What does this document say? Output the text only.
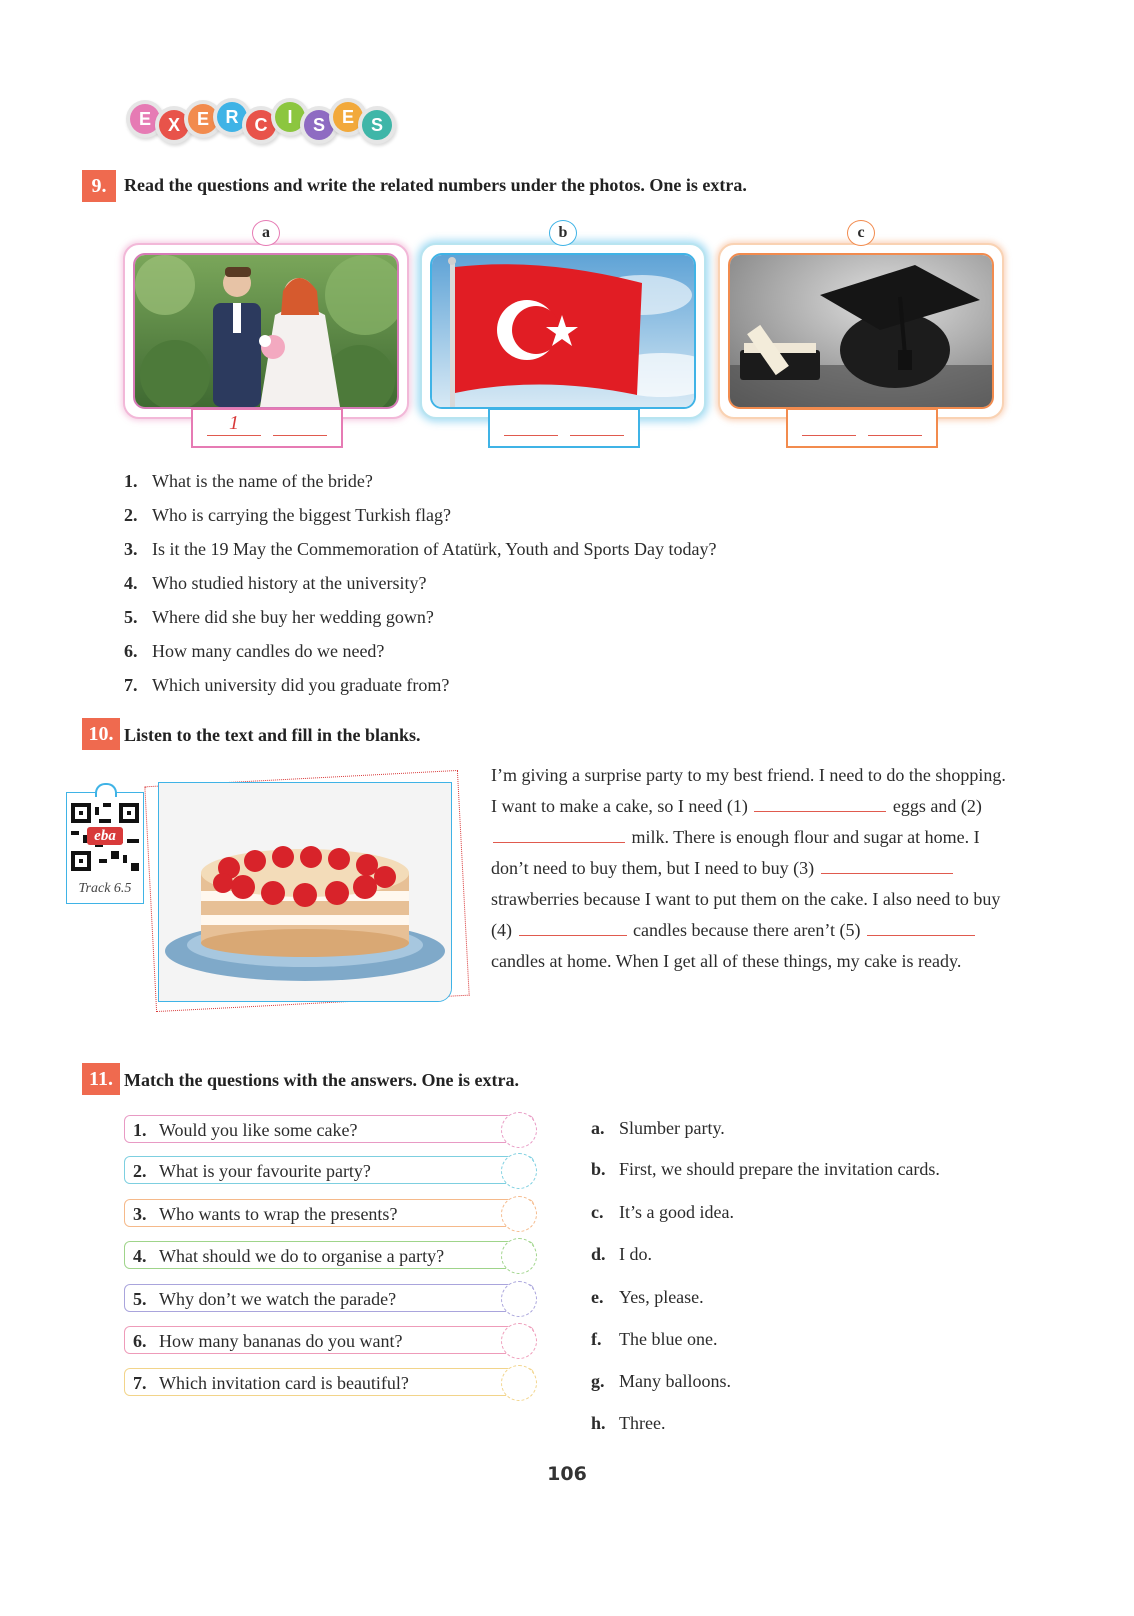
E X E R C	I	S E S
9. Read the questions and write the related numbers under the photos. One is extra.
a
1
b	c
1. What is the name of the bride?
2. Who is carrying the biggest Turkish flag?
3. Is it the 19 May the Commemoration of Atatürk, Youth and Sports Day today?
4. Who studied history at the university?
5. Where did she buy her wedding gown?
6. How many candles do we need?
7. Which university did you graduate from?
10. Listen to the text and fill in the blanks.
eba
Track 6.5
I’m giving a surprise party to my best friend. I need to do the shopping. I want to make a cake, so I need (1)	eggs and (2)  milk. There is enough flour and sugar at home. I don’t need to buy them, but I need to buy (3)  strawberries because I want to put them on the cake. I also need to buy (4)	candles because there aren’t (5)  candles at home. When I get all of these things, my cake is ready.
11. Match the questions with the answers. One is extra.
1. Would you like some cake?
2. What is your favourite party?
3. Who wants to wrap the presents?
4. What should we do to organise a party?
5. Why don’t we watch the parade?
6. How many bananas do you want?
7. Which invitation card is beautiful?
a. Slumber party.
b. First, we should prepare the invitation cards.
c. It’s a good idea.
d. I do.
e. Yes, please.
f. The blue one.
g. Many balloons.
h. Three.
106
